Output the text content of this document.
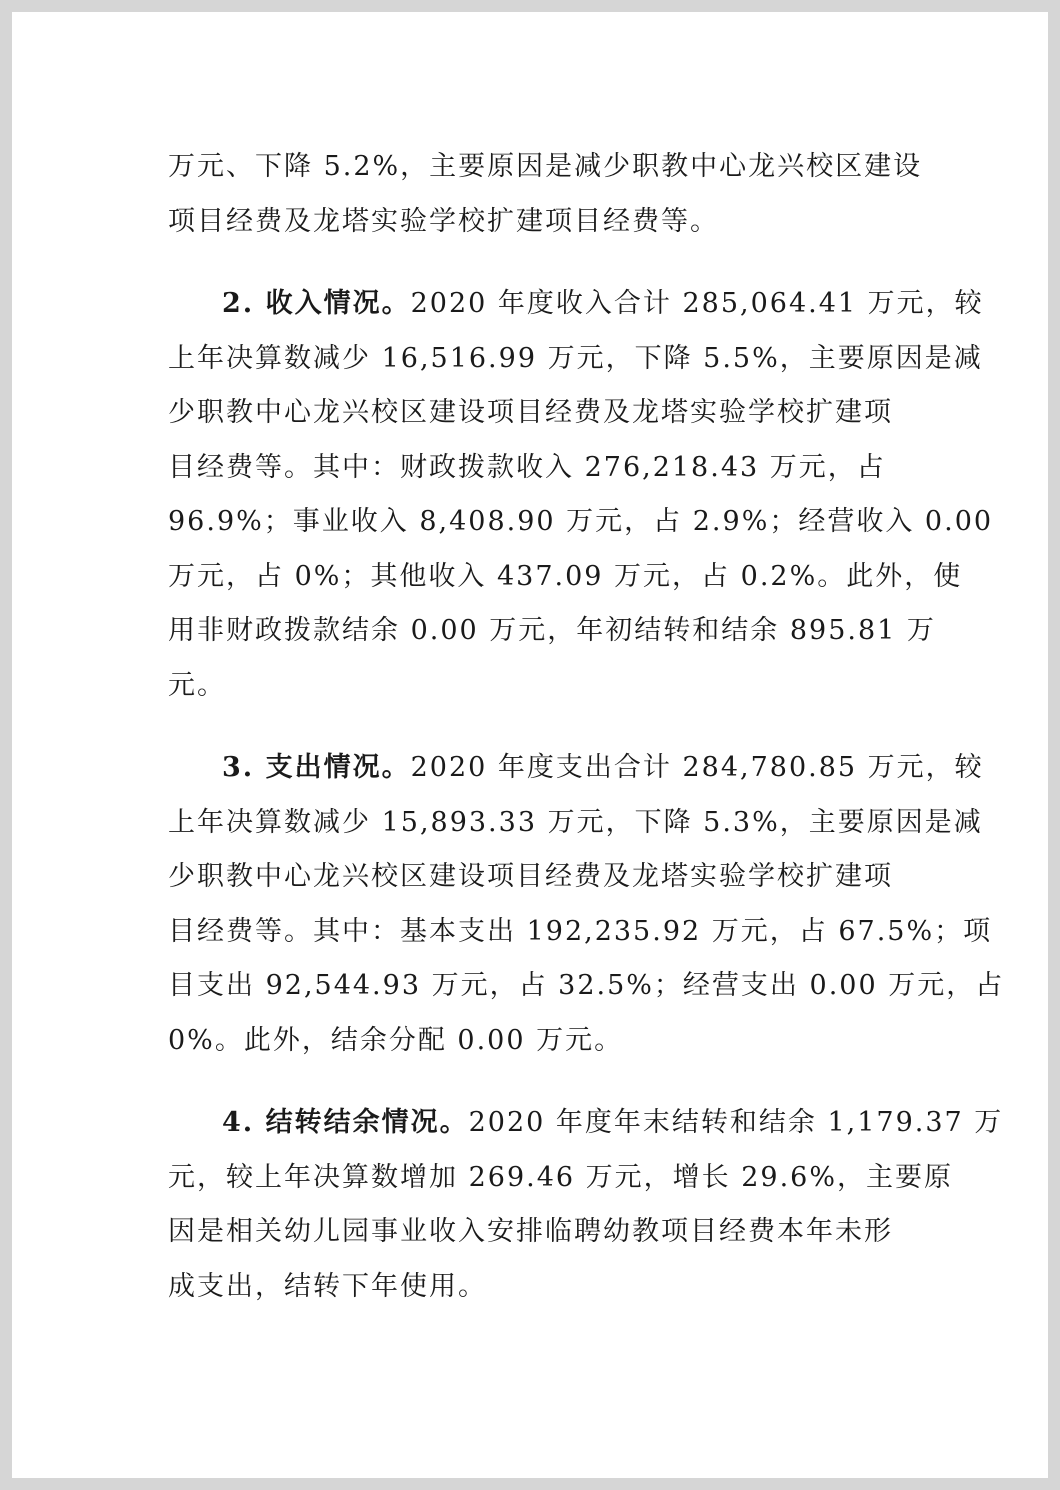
万元、下降 5.2%，主要原因是减少职教中心龙兴校区建设
项目经费及龙塔实验学校扩建项目经费等。
2. 收入情况。2020 年度收入合计 285,064.41 万元，较
上年决算数减少 16,516.99 万元，下降 5.5%，主要原因是减
少职教中心龙兴校区建设项目经费及龙塔实验学校扩建项
目经费等。其中：财政拨款收入 276,218.43 万元，占
96.9%；事业收入 8,408.90 万元，占 2.9%；经营收入 0.00
万元，占 0%；其他收入 437.09 万元，占 0.2%。此外，使
用非财政拨款结余 0.00 万元，年初结转和结余 895.81 万
元。
3. 支出情况。2020 年度支出合计 284,780.85 万元，较
上年决算数减少 15,893.33 万元，下降 5.3%，主要原因是减
少职教中心龙兴校区建设项目经费及龙塔实验学校扩建项
目经费等。其中：基本支出 192,235.92 万元，占 67.5%；项
目支出 92,544.93 万元，占 32.5%；经营支出 0.00 万元，占
0%。此外，结余分配 0.00 万元。
4. 结转结余情况。2020 年度年末结转和结余 1,179.37 万
元，较上年决算数增加 269.46 万元，增长 29.6%，主要原
因是相关幼儿园事业收入安排临聘幼教项目经费本年未形
成支出，结转下年使用。
